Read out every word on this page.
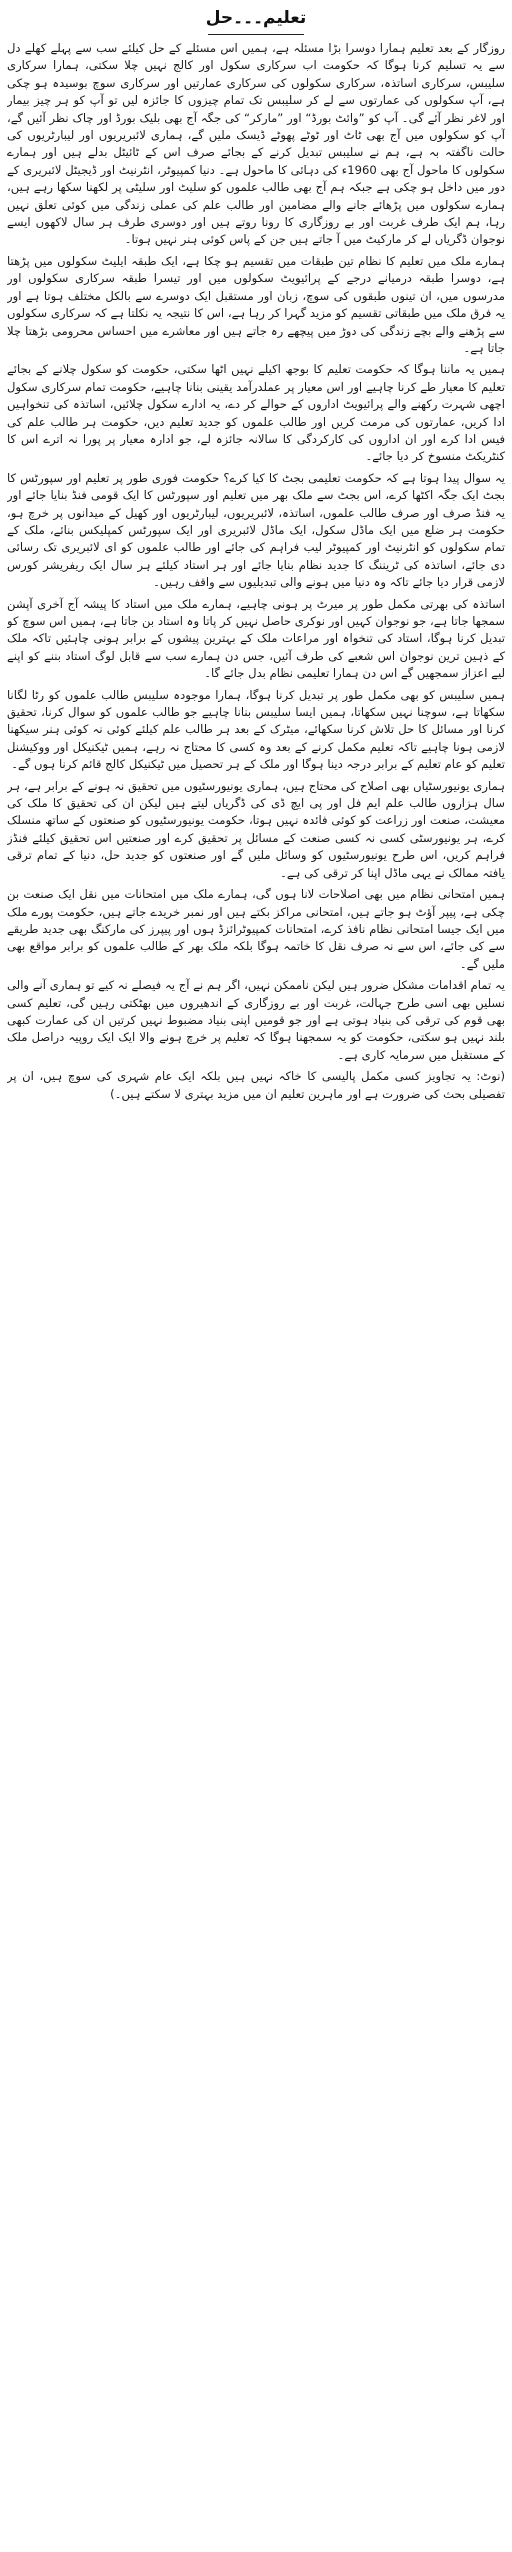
تعلیم۔۔۔حل

روزگار کے بعد تعلیم ہمارا دوسرا بڑا مسئلہ ہے، ہمیں اس مسئلے کے حل کیلئے سب سے پہلے کھلے دل سے یہ تسلیم کرنا ہوگا کہ حکومت اب سرکاری سکول اور کالج نہیں چلا سکتی، ہمارا سرکاری سلیبس، سرکاری اساتذہ، سرکاری سکولوں کی سرکاری عمارتیں اور سرکاری سوچ بوسیدہ ہو چکی ہے، آپ سکولوں کی عمارتوں سے لے کر سلیبس تک تمام چیزوں کا جائزہ لیں تو آپ کو ہر چیز بیمار اور لاغر نظر آئے گی۔ آپ کو ”وائٹ بورڈ“ اور ”مارکر“ کی جگہ آج بھی بلیک بورڈ اور چاک نظر آئیں گے، آپ کو سکولوں میں آج بھی ٹاٹ اور ٹوٹے پھوٹے ڈیسک ملیں گے، ہماری لائبریریوں اور لیبارٹریوں کی حالت ناگفتہ بہ ہے، ہم نے سلیبس تبدیل کرنے کے بجائے صرف اس کے ٹائیٹل بدلے ہیں اور ہمارے سکولوں کا ماحول آج بھی 1960ء کی دہائی کا ماحول ہے۔ دنیا کمپیوٹر، انٹرنیٹ اور ڈیجیٹل لائبریری کے دور میں داخل ہو چکی ہے جبکہ ہم آج بھی طالب علموں کو سلیٹ اور سلیٹی پر لکھنا سکھا رہے ہیں، ہمارے سکولوں میں پڑھائے جانے والے مضامین اور طالب علم کی عملی زندگی میں کوئی تعلق نہیں رہا، ہم ایک طرف غربت اور بے روزگاری کا رونا روتے ہیں اور دوسری طرف ہر سال لاکھوں ایسے نوجوان ڈگریاں لے کر مارکیٹ میں آ جاتے ہیں جن کے پاس کوئی ہنر نہیں ہوتا۔

ہمارے ملک میں تعلیم کا نظام تین طبقات میں تقسیم ہو چکا ہے، ایک طبقہ ایلیٹ سکولوں میں پڑھتا ہے، دوسرا طبقہ درمیانے درجے کے پرائیویٹ سکولوں میں اور تیسرا طبقہ سرکاری سکولوں اور مدرسوں میں، ان تینوں طبقوں کی سوچ، زبان اور مستقبل ایک دوسرے سے بالکل مختلف ہوتا ہے اور یہ فرق ملک میں طبقاتی تقسیم کو مزید گہرا کر رہا ہے، اس کا نتیجہ یہ نکلتا ہے کہ سرکاری سکولوں سے پڑھنے والے بچے زندگی کی دوڑ میں پیچھے رہ جاتے ہیں اور معاشرے میں احساس محرومی بڑھتا چلا جاتا ہے۔

ہمیں یہ ماننا ہوگا کہ حکومت تعلیم کا بوجھ اکیلے نہیں اٹھا سکتی، حکومت کو سکول چلانے کے بجائے تعلیم کا معیار طے کرنا چاہیے اور اس معیار پر عملدرآمد یقینی بنانا چاہیے، حکومت تمام سرکاری سکول اچھی شہرت رکھنے والے پرائیویٹ اداروں کے حوالے کر دے، یہ ادارے سکول چلائیں، اساتذہ کی تنخواہیں ادا کریں، عمارتوں کی مرمت کریں اور طالب علموں کو جدید تعلیم دیں، حکومت ہر طالب علم کی فیس ادا کرے اور ان اداروں کی کارکردگی کا سالانہ جائزہ لے، جو ادارہ معیار پر پورا نہ اترے اس کا کنٹریکٹ منسوخ کر دیا جائے۔

یہ سوال پیدا ہوتا ہے کہ حکومت تعلیمی بجٹ کا کیا کرے؟ حکومت فوری طور پر تعلیم اور سپورٹس کا بجٹ ایک جگہ اکٹھا کرے، اس بجٹ سے ملک بھر میں تعلیم اور سپورٹس کا ایک قومی فنڈ بنایا جائے اور یہ فنڈ صرف اور صرف طالب علموں، اساتذہ، لائبریریوں، لیبارٹریوں اور کھیل کے میدانوں پر خرچ ہو، حکومت ہر ضلع میں ایک ماڈل سکول، ایک ماڈل لائبریری اور ایک سپورٹس کمپلیکس بنائے، ملک کے تمام سکولوں کو انٹرنیٹ اور کمپیوٹر لیب فراہم کی جائے اور طالب علموں کو ای لائبریری تک رسائی دی جائے، اساتذہ کی ٹریننگ کا جدید نظام بنایا جائے اور ہر استاد کیلئے ہر سال ایک ریفریشر کورس لازمی قرار دیا جائے تاکہ وہ دنیا میں ہونے والی تبدیلیوں سے واقف رہیں۔

اساتذہ کی بھرتی مکمل طور پر میرٹ پر ہونی چاہیے، ہمارے ملک میں استاد کا پیشہ آج آخری آپشن سمجھا جاتا ہے، جو نوجوان کہیں اور نوکری حاصل نہیں کر پاتا وہ استاد بن جاتا ہے، ہمیں اس سوچ کو تبدیل کرنا ہوگا، استاد کی تنخواہ اور مراعات ملک کے بہترین پیشوں کے برابر ہونی چاہئیں تاکہ ملک کے ذہین ترین نوجوان اس شعبے کی طرف آئیں، جس دن ہمارے سب سے قابل لوگ استاد بننے کو اپنے لیے اعزاز سمجھیں گے اس دن ہمارا تعلیمی نظام بدل جائے گا۔

ہمیں سلیبس کو بھی مکمل طور پر تبدیل کرنا ہوگا، ہمارا موجودہ سلیبس طالب علموں کو رٹا لگانا سکھاتا ہے، سوچنا نہیں سکھاتا، ہمیں ایسا سلیبس بنانا چاہیے جو طالب علموں کو سوال کرنا، تحقیق کرنا اور مسائل کا حل تلاش کرنا سکھائے، میٹرک کے بعد ہر طالب علم کیلئے کوئی نہ کوئی ہنر سیکھنا لازمی ہونا چاہیے تاکہ تعلیم مکمل کرنے کے بعد وہ کسی کا محتاج نہ رہے، ہمیں ٹیکنیکل اور ووکیشنل تعلیم کو عام تعلیم کے برابر درجہ دینا ہوگا اور ملک کے ہر تحصیل میں ٹیکنیکل کالج قائم کرنا ہوں گے۔

ہماری یونیورسٹیاں بھی اصلاح کی محتاج ہیں، ہماری یونیورسٹیوں میں تحقیق نہ ہونے کے برابر ہے، ہر سال ہزاروں طالب علم ایم فل اور پی ایچ ڈی کی ڈگریاں لیتے ہیں لیکن ان کی تحقیق کا ملک کی معیشت، صنعت اور زراعت کو کوئی فائدہ نہیں ہوتا، حکومت یونیورسٹیوں کو صنعتوں کے ساتھ منسلک کرے، ہر یونیورسٹی کسی نہ کسی صنعت کے مسائل پر تحقیق کرے اور صنعتیں اس تحقیق کیلئے فنڈز فراہم کریں، اس طرح یونیورسٹیوں کو وسائل ملیں گے اور صنعتوں کو جدید حل، دنیا کے تمام ترقی یافتہ ممالک نے یہی ماڈل اپنا کر ترقی کی ہے۔

ہمیں امتحانی نظام میں بھی اصلاحات لانا ہوں گی، ہمارے ملک میں امتحانات میں نقل ایک صنعت بن چکی ہے، پیپر آؤٹ ہو جاتے ہیں، امتحانی مراکز بکتے ہیں اور نمبر خریدے جاتے ہیں، حکومت پورے ملک میں ایک جیسا امتحانی نظام نافذ کرے، امتحانات کمپیوٹرائزڈ ہوں اور پیپرز کی مارکنگ بھی جدید طریقے سے کی جائے، اس سے نہ صرف نقل کا خاتمہ ہوگا بلکہ ملک بھر کے طالب علموں کو برابر مواقع بھی ملیں گے۔

یہ تمام اقدامات مشکل ضرور ہیں لیکن ناممکن نہیں، اگر ہم نے آج یہ فیصلے نہ کیے تو ہماری آنے والی نسلیں بھی اسی طرح جہالت، غربت اور بے روزگاری کے اندھیروں میں بھٹکتی رہیں گی، تعلیم کسی بھی قوم کی ترقی کی بنیاد ہوتی ہے اور جو قومیں اپنی بنیاد مضبوط نہیں کرتیں ان کی عمارت کبھی بلند نہیں ہو سکتی، حکومت کو یہ سمجھنا ہوگا کہ تعلیم پر خرچ ہونے والا ایک ایک روپیہ دراصل ملک کے مستقبل میں سرمایہ کاری ہے۔

(نوٹ: یہ تجاویز کسی مکمل پالیسی کا خاکہ نہیں ہیں بلکہ ایک عام شہری کی سوچ ہیں، ان پر تفصیلی بحث کی ضرورت ہے اور ماہرین تعلیم ان میں مزید بہتری لا سکتے ہیں۔)
